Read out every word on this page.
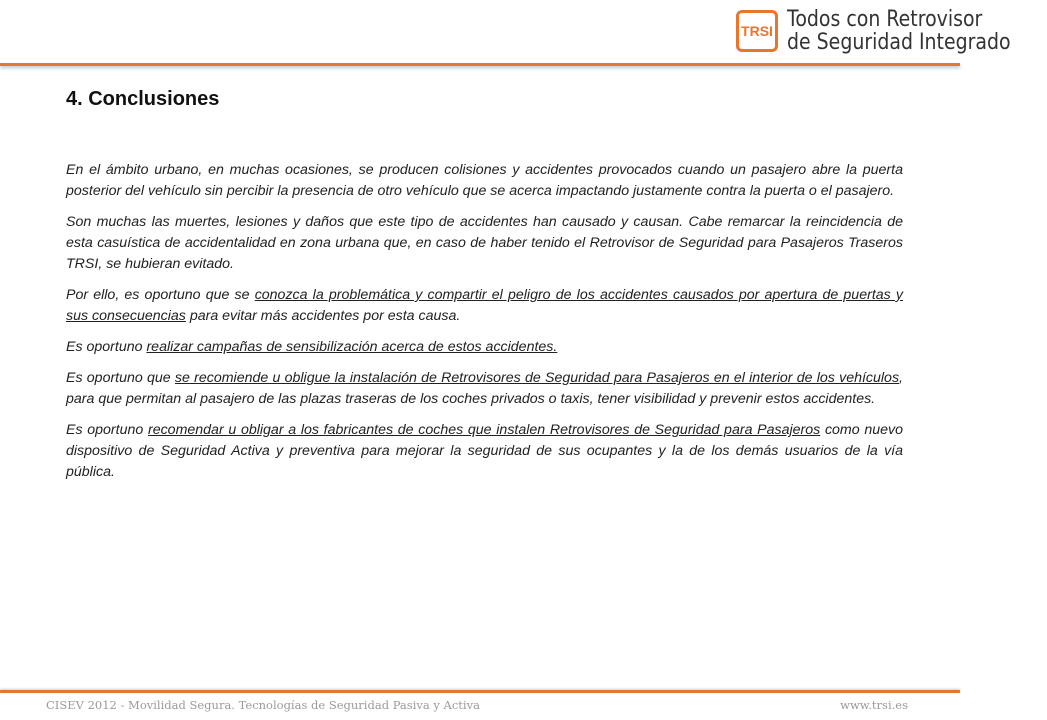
TRSI Todos con Retrovisor
de Seguridad Integrado
4. Conclusiones

En el ámbito urbano, en muchas ocasiones, se producen colisiones y accidentes provocados cuando un pasajero abre la puerta posterior del vehículo sin percibir la presencia de otro vehículo que se acerca impactando justamente contra la puerta o el pasajero.

Son muchas las muertes, lesiones y daños que este tipo de accidentes han causado y causan. Cabe remarcar la reincidencia de esta casuística de accidentalidad en zona urbana que, en caso de haber tenido el Retrovisor de Seguridad para Pasajeros Traseros TRSI, se hubieran evitado.

Por ello, es oportuno que se conozca la problemática y compartir el peligro de los accidentes causados por apertura de puertas y sus consecuencias para evitar más accidentes por esta causa.

Es oportuno realizar campañas de sensibilización acerca de estos accidentes.

Es oportuno que se recomiende u obligue la instalación de Retrovisores de Seguridad para Pasajeros en el interior de los vehículos, para que permitan al pasajero de las plazas traseras de los coches privados o taxis, tener visibilidad y prevenir estos accidentes.

Es oportuno recomendar u obligar a los fabricantes de coches que instalen Retrovisores de Seguridad para Pasajeros como nuevo dispositivo de Seguridad Activa y preventiva para mejorar la seguridad de sus ocupantes y la de los demás usuarios de la vía pública.

CISEV 2012 - Movilidad Segura. Tecnologías de Seguridad Pasiva y Activa	www.trsi.es
